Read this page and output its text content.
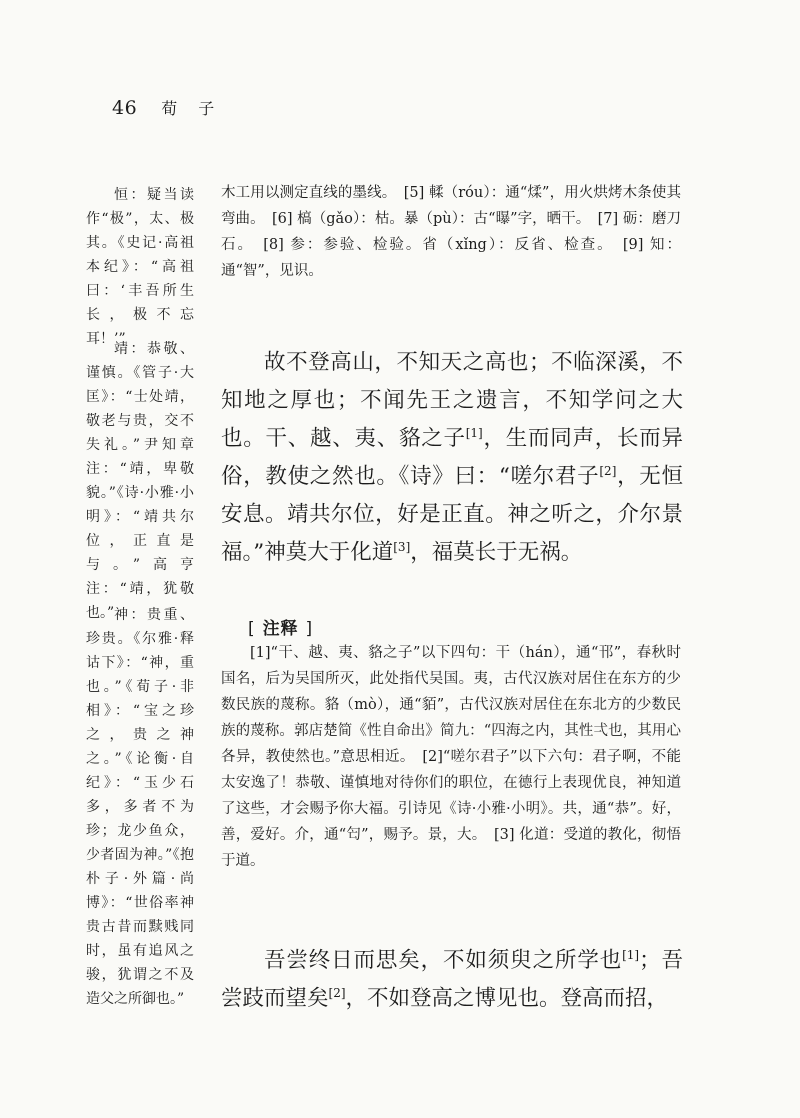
46 荀 子

恒：疑当读作“极”，太、极其。《史记·高祖本纪》：“高祖曰：‘丰吾所生长，极不忘耳！’”

靖：恭敬、谨慎。《管子·大匡》：“士处靖，敬老与贵，交不失礼。”尹知章注：“靖，卑敬貌。”《诗·小雅·小明》：“靖共尔位，正直是与。”高亨注：“靖，犹敬也。” 神：贵重、珍贵。《尔雅·释诂下》：“神，重也。”《荀子·非相》：“宝之珍之，贵之神之。”《论衡·自纪》：“玉少石多，多者不为珍；龙少鱼众，少者固为神。”《抱朴子·外篇·尚博》：“世俗率神贵古昔而黩贱同时，虽有追风之骏，犹谓之不及造父之所御也。”

木工用以测定直线的墨线。　[5] 輮（róu）：通“煣”，用火烘烤木条使其弯曲。　[6] 槁（gǎo）：枯。暴（pù）：古“曝”字，晒干。　[7] 砺：磨刀石。　[8] 参：参验、检验。省（xǐng）：反省、检查。　[9] 知：通“智”，见识。

故不登高山，不知天之高也；不临深溪，不知地之厚也；不闻先王之遗言，不知学问之大也。干、越、夷、貉之子[1]，生而同声，长而异俗，教使之然也。《诗》曰：“嗟尔君子[2]，无恒安息。靖共尔位，好是正直。神之听之，介尔景福。”神莫大于化道[3]，福莫长于无祸。

[ 注释 ]

[1]“干、越、夷、貉之子”以下四句：干（hán），通“邗”，春秋时国名，后为吴国所灭，此处指代吴国。夷，古代汉族对居住在东方的少数民族的蔑称。貉（mò），通“貊”，古代汉族对居住在东北方的少数民族的蔑称。郭店楚简《性自命出》简九：“四海之内，其性弌也，其用心各异，教使然也。”意思相近。　[2]“嗟尔君子”以下六句：君子啊，不能太安逸了！恭敬、谨慎地对待你们的职位，在德行上表现优良，神知道了这些，才会赐予你大福。引诗见《诗·小雅·小明》。共，通“恭”。好，善，爱好。介，通“匄”，赐予。景，大。　[3] 化道：受道的教化，彻悟于道。

吾尝终日而思矣，不如须臾之所学也[1]；吾尝跂而望矣[2]，不如登高之博见也。登高而招，
